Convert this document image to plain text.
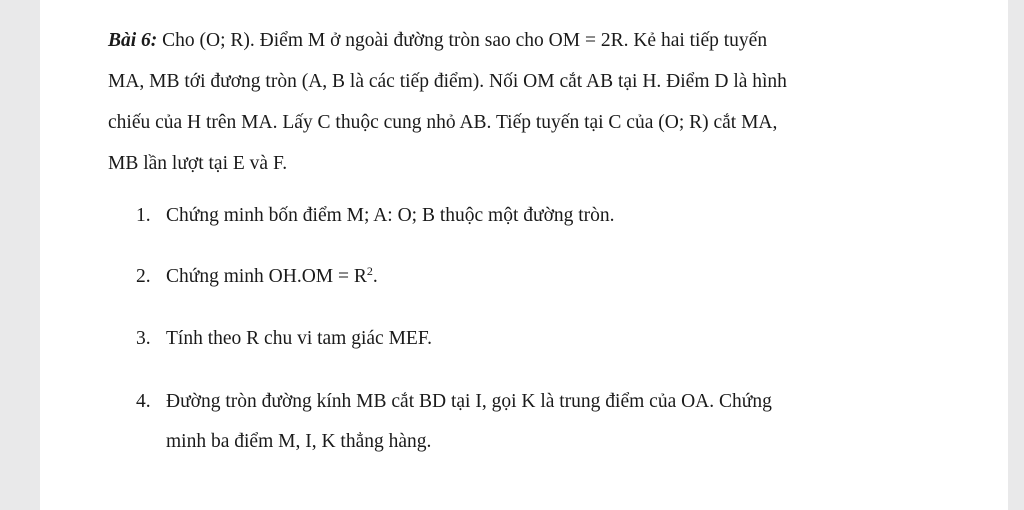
Bài 6: Cho (O; R). Điểm M ở ngoài đường tròn sao cho OM = 2R. Kẻ hai tiếp tuyến
MA, MB tới đương tròn (A, B là các tiếp điểm). Nối OM cắt AB tại H. Điểm D là hình
chiếu của H trên MA. Lấy C thuộc cung nhỏ AB. Tiếp tuyến tại C của (O; R) cắt MA,
MB lần lượt tại E và F.

1. Chứng minh bốn điểm M; A: O; B thuộc một đường tròn.

2. Chứng minh $OH.OM = R^2$.

3. Tính theo R chu vi tam giác MEF.

4. Đường tròn đường kính MB cắt BD tại I, gọi K là trung điểm của OA. Chứng
minh ba điểm M, I, K thẳng hàng.
